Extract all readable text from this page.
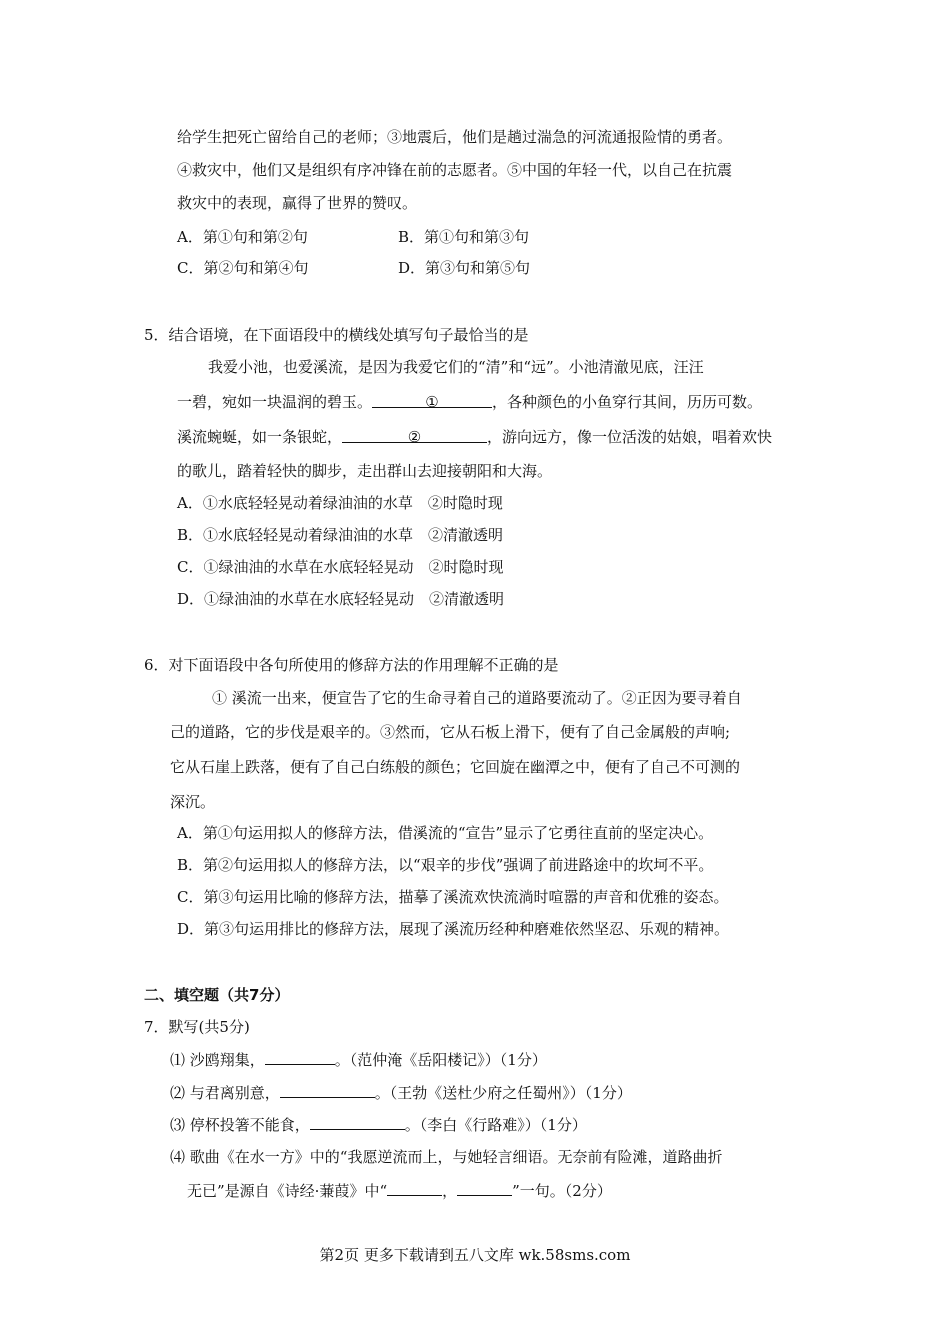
给学生把死亡留给自己的老师；③地震后，他们是趟过湍急的河流通报险情的勇者。
④救灾中，他们又是组织有序冲锋在前的志愿者。⑤中国的年轻一代，以自己在抗震
救灾中的表现，赢得了世界的赞叹。
A．第①句和第②句	B．第①句和第③句
C．第②句和第④句	D．第③句和第⑤句
5．结合语境，在下面语段中的横线处填写句子最恰当的是
我爱小池，也爱溪流，是因为我爱它们的“清”和“远”。小池清澈见底，汪汪
一碧，宛如一块温润的碧玉。	①	，各种颜色的小鱼穿行其间，历历可数。
溪流蜿蜒，如一条银蛇，	②	，游向远方，像一位活泼的姑娘，唱着欢快
的歌儿，踏着轻快的脚步，走出群山去迎接朝阳和大海。
A．①水底轻轻晃动着绿油油的水草　②时隐时现
B．①水底轻轻晃动着绿油油的水草　②清澈透明
C．①绿油油的水草在水底轻轻晃动　②时隐时现
D．①绿油油的水草在水底轻轻晃动　②清澈透明
6．对下面语段中各句所使用的修辞方法的作用理解不正确的是
① 溪流一出来，便宣告了它的生命寻着自己的道路要流动了。②正因为要寻着自
己的道路，它的步伐是艰辛的。③然而，它从石板上滑下，便有了自己金属般的声响;
它从石崖上跌落，便有了自己白练般的颜色；它回旋在幽潭之中，便有了自己不可测的
深沉。
A．第①句运用拟人的修辞方法，借溪流的“宣告”显示了它勇往直前的坚定决心。
B．第②句运用拟人的修辞方法，以“艰辛的步伐”强调了前进路途中的坎坷不平。
C．第③句运用比喻的修辞方法，描摹了溪流欢快流淌时喧嚣的声音和优雅的姿态。
D．第③句运用排比的修辞方法，展现了溪流历经种种磨难依然坚忍、乐观的精神。
二、填空题（共7分）
7．默写(共5分)
⑴ 沙鸥翔集，	。（范仲淹《岳阳楼记》）（1分）
⑵ 与君离别意，	。（王勃《送杜少府之任蜀州》）（1分）
⑶ 停杯投箸不能食，	。（李白《行路难》）（1分）
⑷ 歌曲《在水一方》中的“我愿逆流而上，与她轻言细语。无奈前有险滩，道路曲折
无已”是源自《诗经·蒹葭》中“	，	”一句。（2分）
第2页 更多下载请到五八文库 wk.58sms.com
